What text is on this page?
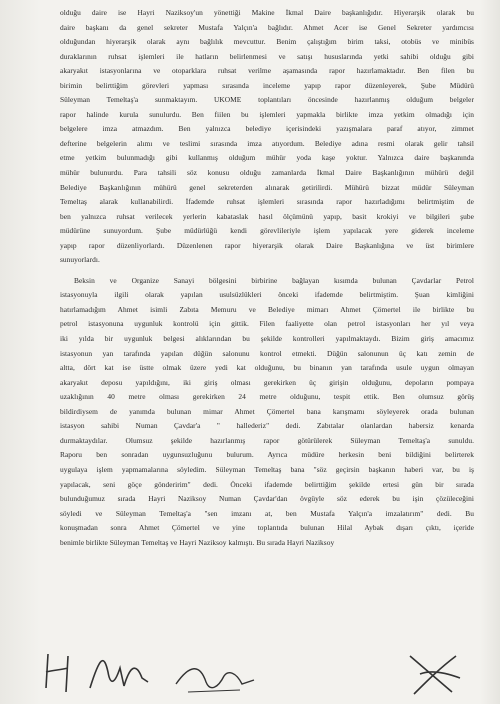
olduğu daire ise Hayri Naziksoy'un yönettiği Makine İkmal Daire başkanlığıdır. Hiyerarşik olarak bu
daire başkanı da genel sekreter Mustafa Yalçın'a bağlıdır. Ahmet Acer ise Genel Sekreter yardımcısı
olduğundan hiyerarşik olarak aynı bağlılık mevcuttur. Benim çalıştığım birim taksi, otobüs ve minibüs
duraklarının ruhsat işlemleri ile hatların belirlenmesi ve satışı hususlarında yetki sahibi olduğu gibi
akaryakıt istasyonlarına ve otoparklara ruhsat verilme aşamasında rapor hazırlamaktadır. Ben filen bu
birimin belirttiğim görevleri yapması sırasında inceleme yapıp rapor düzenleyerek, Şube Müdürü
Süleyman Temeltaş'a sunmaktayım. UKOME toplantıları öncesinde hazırlanmış olduğum belgeler
rapor halinde kurula sunulurdu. Ben fiilen bu işlemleri yapmakla birlikte imza yetkim olmadığı için
belgelere imza atmazdım. Ben yalnızca belediye içerisindeki yazışmalara paraf atıyor, zimmet
defterine belgelerin alımı ve teslimi sırasında imza atıyordum. Belediye adına resmi olarak gelir tahsil
etme yetkim bulunmadığı gibi kullanmış olduğum mühür yoda kaşe yoktur. Yalnızca daire başkanında
mühür bulunurdu. Para tahsili söz konusu olduğu zamanlarda İkmal Daire Başkanlığının mühürü değil
Belediye Başkanlığının mühürü genel sekreterden alınarak getirilirdi. Mühürü bizzat müdür Süleyman
Temeltaş alarak kullanabilirdi. İfademde ruhsat işlemleri sırasında rapor hazırladığımı belirtmiştim de
ben yalnızca ruhsat verilecek yerlerin kabataslak hasıl ölçümünü yapıp, basit krokiyi ve bilgileri şube
müdürüne sunuyordum. Şube müdürlüğü kendi görevlileriyle işlem yapılacak yere giderek inceleme
yapıp rapor düzenliyorlardı. Düzenlenen rapor hiyerarşik olarak Daire Başkanlığına ve üst birimlere
sunuyorlardı.

Beksin ve Organize Sanayi bölgesini birbirine bağlayan kısımda bulunan Çavdarlar Petrol
istasyonuyla ilgili olarak yapılan usulsüzlükleri önceki ifademde belirtmiştim. Şuan kimliğini
hatırlamadığım Ahmet isimli Zabıta Memuru ve Belediye mimarı Ahmet Çömertel ile birlikte bu
petrol istasyonuna uygunluk kontrolü için gittik. Filen faaliyette olan petrol istasyonları her yıl veya
iki yılda bir uygunluk belgesi alıklarından bu şekilde kontrolleri yapılmaktaydı. Bizim giriş amacımız
istasyonun yan tarafında yapılan düğün salonunu kontrol etmekti. Düğün salonunun üç katı zemin de
altta, dört kat ise üstte olmak üzere yedi kat olduğunu, bu binanın yan tarafında usule uygun olmayan
akaryakıt deposu yapıldığını, iki giriş olması gerekirken üç girişin olduğunu, depoların pompaya
uzaklığının 40 metre olması gerekirken 24 metre olduğunu, tespit ettik. Ben olumsuz görüş
bildirdiysem de yanımda bulunan mimar Ahmet Çömertel bana karışmamı söyleyerek orada bulunan
istasyon sahibi Numan Çavdar'a " hallederiz" dedi. Zabıtalar olanlardan habersiz kenarda
durmaktaydılar. Olumsuz şekilde hazırlanmış rapor götürülerek Süleyman Temeltaş'a sunuldu.
Raporu ben sonradan uygunsuzluğunu bulurum. Ayrıca müdüre herkesin beni bildiğini belirterek
uygulaya işlem yapmamalarına söyledim. Süleyman Temeltaş bana "söz geçirsin başkanın haberi var, bu iş
yapılacak, seni göçe gönderirim" dedi. Önceki ifademde belirttiğim şekilde ertesi gün bir sırada
bulunduğumuz sırada Hayri Naziksoy Numan Çavdar'dan övgüyle söz ederek bu işin çözüleceğini
söyledi ve Süleyman Temeltaş'a "sen imzanı at, ben Mustafa Yalçın'a imzalatırım" dedi. Bu
konuşmadan sonra Ahmet Çömertel ve yine toplantıda bulunan Hilal Aybak dışarı çıktı, içeride
benimle birlikte Süleyman Temeltaş ve Hayri Naziksoy kalmıştı. Bu sırada Hayri Naziksoy
